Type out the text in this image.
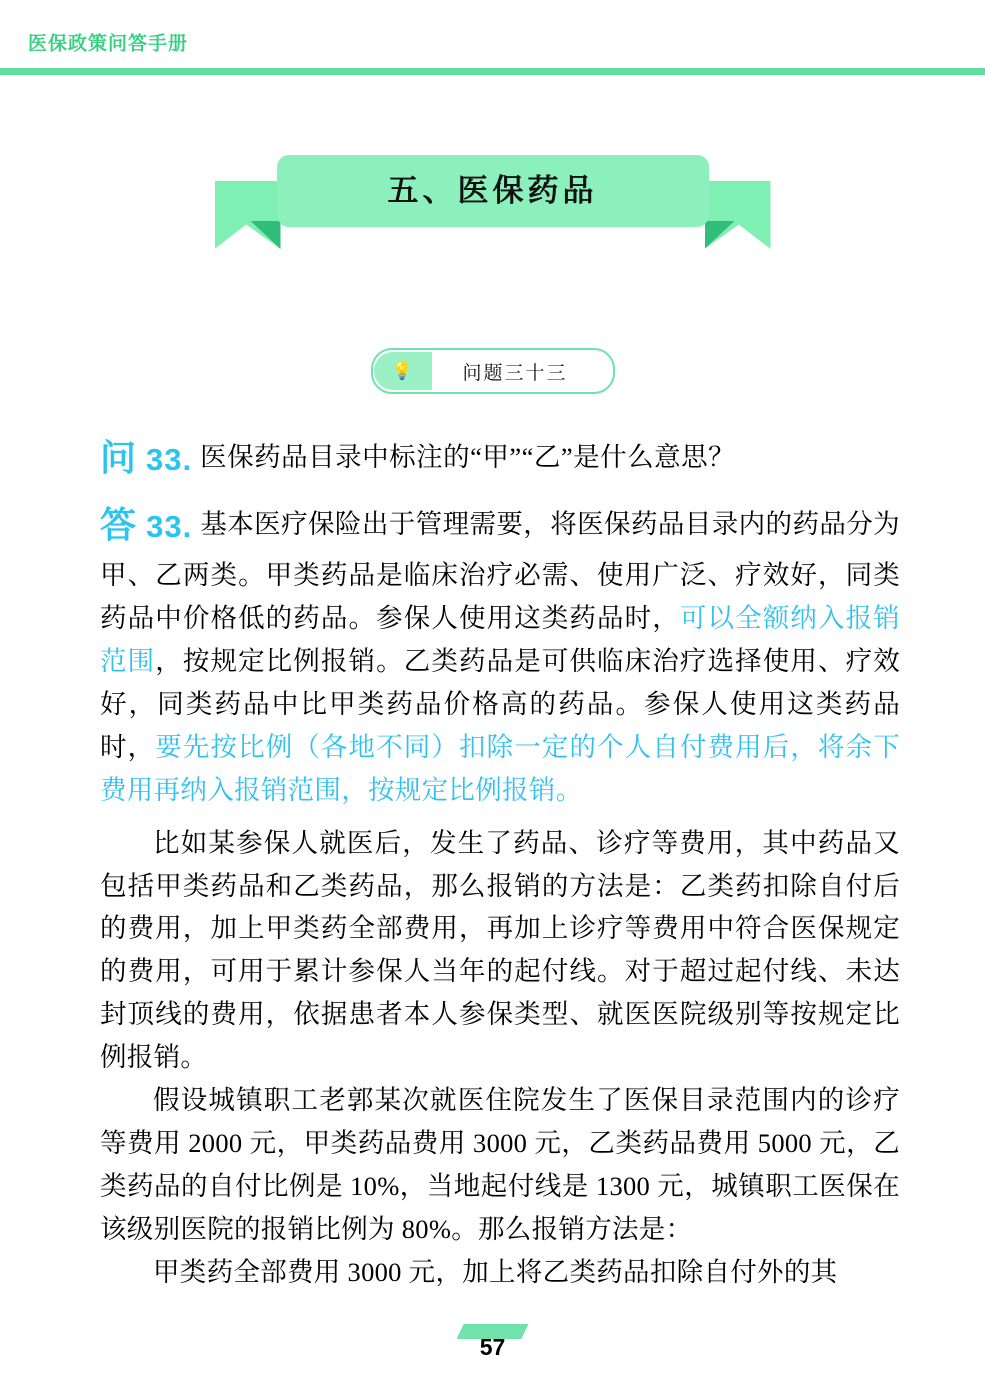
医保政策问答手册
五、医保药品
💡	问题三十三
问 33. 医保药品目录中标注的“甲”“乙”是什么意思？
答 33. 基本医疗保险出于管理需要，将医保药品目录内的药品分为甲、乙两类。甲类药品是临床治疗必需、使用广泛、疗效好，同类药品中价格低的药品。参保人使用这类药品时，可以全额纳入报销范围，按规定比例报销。乙类药品是可供临床治疗选择使用、疗效好，同类药品中比甲类药品价格高的药品。参保人使用这类药品时，要先按比例（各地不同）扣除一定的个人自付费用后，将余下费用再纳入报销范围，按规定比例报销。

比如某参保人就医后，发生了药品、诊疗等费用，其中药品又包括甲类药品和乙类药品，那么报销的方法是：乙类药扣除自付后的费用，加上甲类药全部费用，再加上诊疗等费用中符合医保规定的费用，可用于累计参保人当年的起付线。对于超过起付线、未达封顶线的费用，依据患者本人参保类型、就医医院级别等按规定比例报销。

假设城镇职工老郭某次就医住院发生了医保目录范围内的诊疗等费用 2000 元，甲类药品费用 3000 元，乙类药品费用 5000 元，乙类药品的自付比例是 10%，当地起付线是 1300 元，城镇职工医保在该级别医院的报销比例为 80%。那么报销方法是：

甲类药全部费用 3000 元，加上将乙类药品扣除自付外的其

57
